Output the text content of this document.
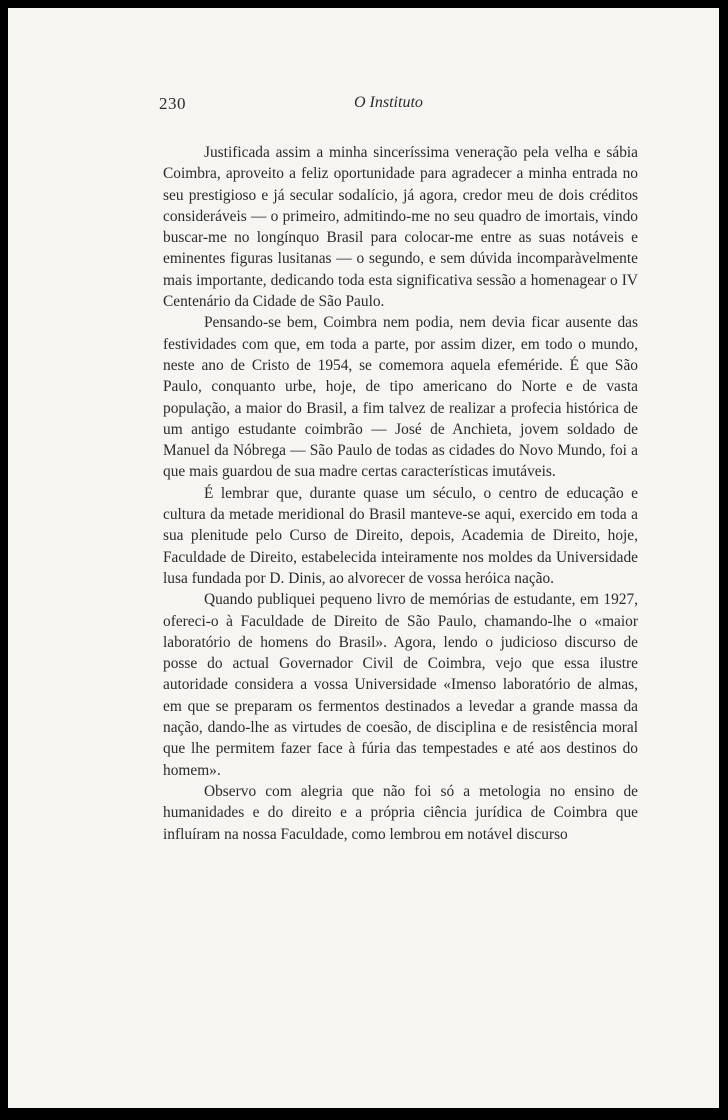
230	O Instituto

Justificada assim a minha sinceríssima veneração pela velha e sábia Coimbra, aproveito a feliz oportunidade para agradecer a minha entrada no seu prestigioso e já secular sodalício, já agora, credor meu de dois créditos consideráveis — o primeiro, admitindo-me no seu quadro de imortais, vindo buscar-me no longínquo Brasil para colocar-me entre as suas notáveis e eminentes figuras lusitanas — o segundo, e sem dúvida incomparàvelmente mais importante, dedicando toda esta significativa sessão a homenagear o IV Centenário da Cidade de São Paulo.

Pensando-se bem, Coimbra nem podia, nem devia ficar ausente das festividades com que, em toda a parte, por assim dizer, em todo o mundo, neste ano de Cristo de 1954, se comemora aquela efeméride. É que São Paulo, conquanto urbe, hoje, de tipo americano do Norte e de vasta população, a maior do Brasil, a fim talvez de realizar a profecia histórica de um antigo estudante coimbrão — José de Anchieta, jovem soldado de Manuel da Nóbrega — São Paulo de todas as cidades do Novo Mundo, foi a que mais guardou de sua madre certas características imutáveis.

É lembrar que, durante quase um século, o centro de educação e cultura da metade meridional do Brasil manteve-se aqui, exercido em toda a sua plenitude pelo Curso de Direito, depois, Academia de Direito, hoje, Faculdade de Direito, estabelecida inteiramente nos moldes da Universidade lusa fundada por D. Dinis, ao alvorecer de vossa heróica nação.

Quando publiquei pequeno livro de memórias de estudante, em 1927, ofereci-o à Faculdade de Direito de São Paulo, chamando-lhe o «maior laboratório de homens do Brasil». Agora, lendo o judicioso discurso de posse do actual Governador Civil de Coimbra, vejo que essa ilustre autoridade considera a vossa Universidade «Imenso laboratório de almas, em que se preparam os fermentos destinados a levedar a grande massa da nação, dando-lhe as virtudes de coesão, de disciplina e de resistência moral que lhe permitem fazer face à fúria das tempestades e até aos destinos do homem».

Observo com alegria que não foi só a metologia no ensino de humanidades e do direito e a própria ciência jurídica de Coimbra que influíram na nossa Faculdade, como lembrou em notável discurso
